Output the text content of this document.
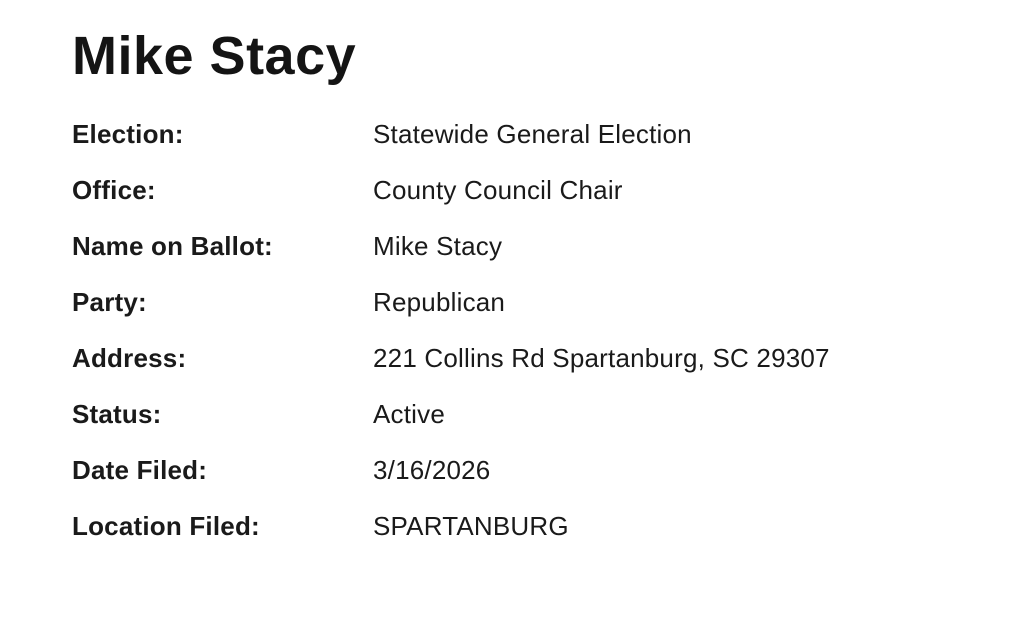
Mike Stacy
Election:	Statewide General Election
Office:	County Council Chair
Name on Ballot:	Mike Stacy
Party:	Republican
Address:	221 Collins Rd Spartanburg, SC 29307
Status:	Active
Date Filed:	3/16/2026
Location Filed:	SPARTANBURG
